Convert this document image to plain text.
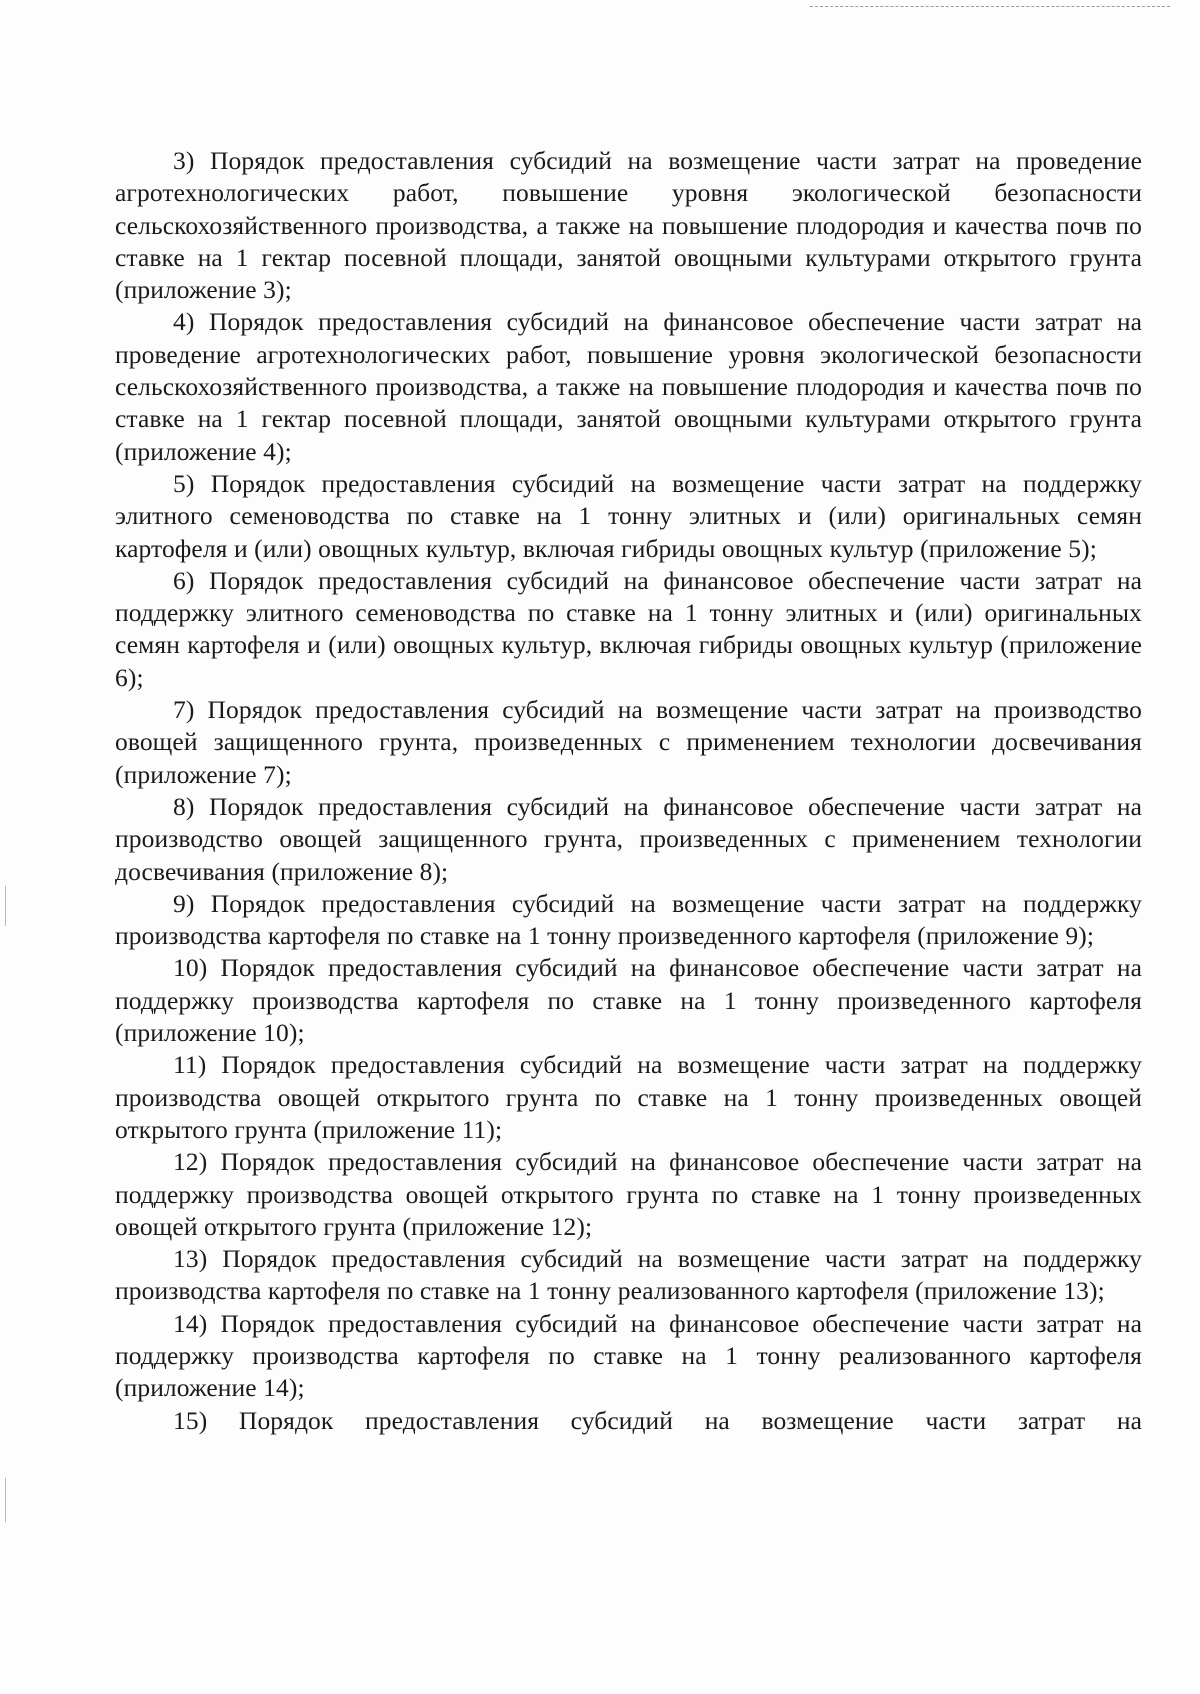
3) Порядок предоставления субсидий на возмещение части затрат на проведение агротехнологических работ, повышение уровня экологической безопасности сельскохозяйственного производства, а также на повышение плодородия и качества почв по ставке на 1 гектар посевной площади, занятой овощными культурами открытого грунта (приложение 3);

4) Порядок предоставления субсидий на финансовое обеспечение части затрат на проведение агротехнологических работ, повышение уровня экологической безопасности сельскохозяйственного производства, а также на повышение плодородия и качества почв по ставке на 1 гектар посевной площади, занятой овощными культурами открытого грунта (приложение 4);

5) Порядок предоставления субсидий на возмещение части затрат на поддержку элитного семеноводства по ставке на 1 тонну элитных и (или) оригинальных семян картофеля и (или) овощных культур, включая гибриды овощных культур (приложение 5);

6) Порядок предоставления субсидий на финансовое обеспечение части затрат на поддержку элитного семеноводства по ставке на 1 тонну элитных и (или) оригинальных семян картофеля и (или) овощных культур, включая гибриды овощных культур (приложение 6);

7) Порядок предоставления субсидий на возмещение части затрат на производство овощей защищенного грунта, произведенных с применением технологии досвечивания (приложение 7);

8) Порядок предоставления субсидий на финансовое обеспечение части затрат на производство овощей защищенного грунта, произведенных с применением технологии досвечивания (приложение 8);

9) Порядок предоставления субсидий на возмещение части затрат на поддержку производства картофеля по ставке на 1 тонну произведенного картофеля (приложение 9);

10) Порядок предоставления субсидий на финансовое обеспечение части затрат на поддержку производства картофеля по ставке на 1 тонну произведенного картофеля (приложение 10);

11) Порядок предоставления субсидий на возмещение части затрат на поддержку производства овощей открытого грунта по ставке на 1 тонну произведенных овощей открытого грунта (приложение 11);

12) Порядок предоставления субсидий на финансовое обеспечение части затрат на поддержку производства овощей открытого грунта по ставке на 1 тонну произведенных овощей открытого грунта (приложение 12);

13) Порядок предоставления субсидий на возмещение части затрат на поддержку производства картофеля по ставке на 1 тонну реализованного картофеля (приложение 13);

14) Порядок предоставления субсидий на финансовое обеспечение части затрат на поддержку производства картофеля по ставке на 1 тонну реализованного картофеля (приложение 14);

15) Порядок предоставления субсидий на возмещение части затрат на
